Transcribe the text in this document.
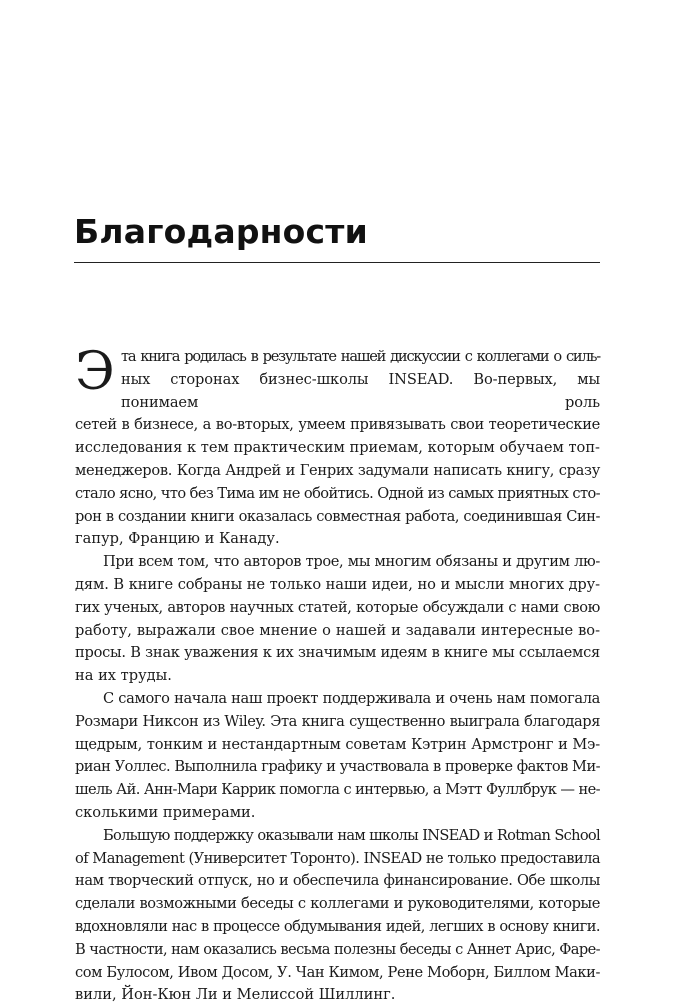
Благодарности
Э та книга родилась в результате нашей дискуссии с коллегами о силь-
ных сторонах бизнес-школы INSEAD. Во-первых, мы понимаем роль
сетей в бизнесе, а во-вторых, умеем привязывать свои теоретические
исследования к тем практическим приемам, которым обучаем топ-
менеджеров. Когда Андрей и Генрих задумали написать книгу, сразу
стало ясно, что без Тима им не обойтись. Одной из самых приятных сто-
рон в создании книги оказалась совместная работа, соединившая Син-
гапур, Францию и Канаду.
При всем том, что авторов трое, мы многим обязаны и другим лю-
дям. В книге собраны не только наши идеи, но и мысли многих дру-
гих ученых, авторов научных статей, которые обсуждали с нами свою
работу, выражали свое мнение о нашей и задавали интересные во-
просы. В знак уважения к их значимым идеям в книге мы ссылаемся
на их труды.
С самого начала наш проект поддерживала и очень нам помогала
Розмари Никсон из Wiley. Эта книга существенно выиграла благодаря
щедрым, тонким и нестандартным советам Кэтрин Армстронг и Мэ-
риан Уоллес. Выполнила графику и участвовала в проверке фактов Ми-
шель Ай. Анн-Мари Каррик помогла с интервью, а Мэтт Фуллбрук — не-
сколькими примерами.
Большую поддержку оказывали нам школы INSEAD и Rotman School
of Management (Университет Торонто). INSEAD не только предоставила
нам творческий отпуск, но и обеспечила финансирование. Обе школы
сделали возможными беседы с коллегами и руководителями, которые
вдохновляли нас в процессе обдумывания идей, легших в основу книги.
В частности, нам оказались весьма полезны беседы с Аннет Арис, Фаре-
сом Булосом, Ивом Досом, У. Чан Кимом, Рене Моборн, Биллом Маки-
вили, Йон-Кюн Ли и Мелиссой Шиллинг.
